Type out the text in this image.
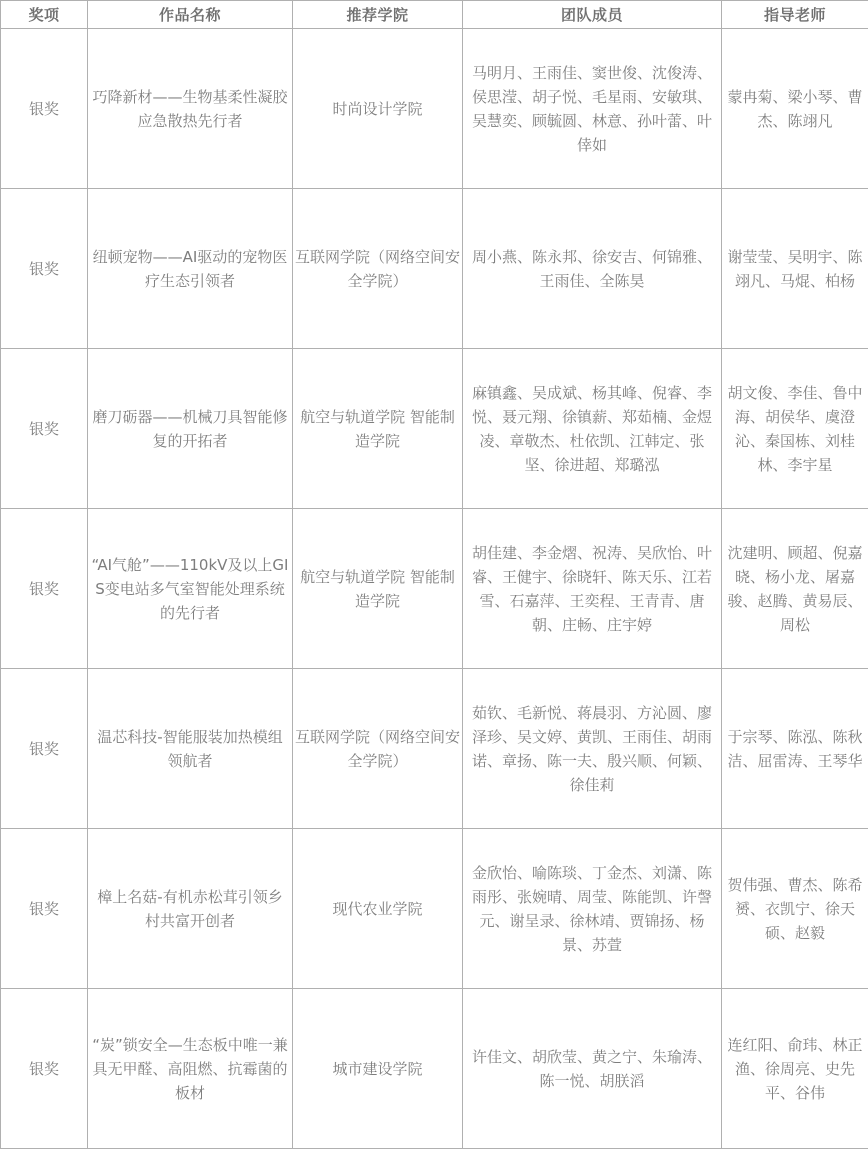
奖项	作品名称	推荐学院	团队成员	指导老师
银奖	巧降新材——生物基柔性凝胶应急散热先行者	时尚设计学院	马明月、王雨佳、窦世俊、沈俊涛、侯思滢、胡子悦、毛星雨、安敏琪、吴慧奕、顾毓圆、林意、孙叶蕾、叶倖如	蒙冉菊、梁小琴、曹杰、陈翊凡
银奖	纽顿宠物——AI驱动的宠物医疗生态引领者	互联网学院（网络空间安全学院）	周小燕、陈永邦、徐安吉、何锦雅、王雨佳、全陈昊	谢莹莹、吴明宇、陈翊凡、马焜、柏杨
银奖	磨刀砺器——机械刀具智能修复的开拓者	航空与轨道学院 智能制造学院	麻镇鑫、吴成斌、杨其峰、倪睿、李悦、聂元翔、徐镇薪、郑茹楠、金煜凌、章敬杰、杜依凯、江韩定、张坚、徐进超、郑璐泓	胡文俊、李佳、鲁中海、胡侯华、虞澄沁、秦国栋、刘桂林、李宇星
银奖	“AI气舱”——110kV及以上GIS变电站多气室智能处理系统的先行者	航空与轨道学院 智能制造学院	胡佳建、李金熠、祝涛、吴欣怡、叶睿、王健宇、徐晓轩、陈天乐、江若雪、石嘉萍、王奕程、王青青、唐朝、庄畅、庄宇婷	沈建明、顾超、倪嘉晓、杨小龙、屠嘉骏、赵腾、黄易辰、周松
银奖	温芯科技-智能服装加热模组领航者	互联网学院（网络空间安全学院）	茹钦、毛新悦、蒋晨羽、方沁圆、廖泽珍、吴文婷、黄凯、王雨佳、胡雨诺、章扬、陈一夫、殷兴顺、何颖、徐佳莉	于宗琴、陈泓、陈秋洁、屈雷涛、王琴华
银奖	樟上名菇-有机赤松茸引领乡村共富开创者	现代农业学院	金欣怡、喻陈琰、丁金杰、刘潇、陈雨彤、张婉晴、周莹、陈能凯、许謦元、谢呈录、徐林靖、贾锦扬、杨景、苏萱	贺伟强、曹杰、陈希赟、衣凯宁、徐天硕、赵毅
银奖	“炭”锁安全—生态板中唯一兼具无甲醛、高阻燃、抗霉菌的板材	城市建设学院	许佳文、胡欣莹、黄之宁、朱瑜涛、陈一悦、胡朕滔	连红阳、俞玮、林正渔、徐周亮、史先平、谷伟
